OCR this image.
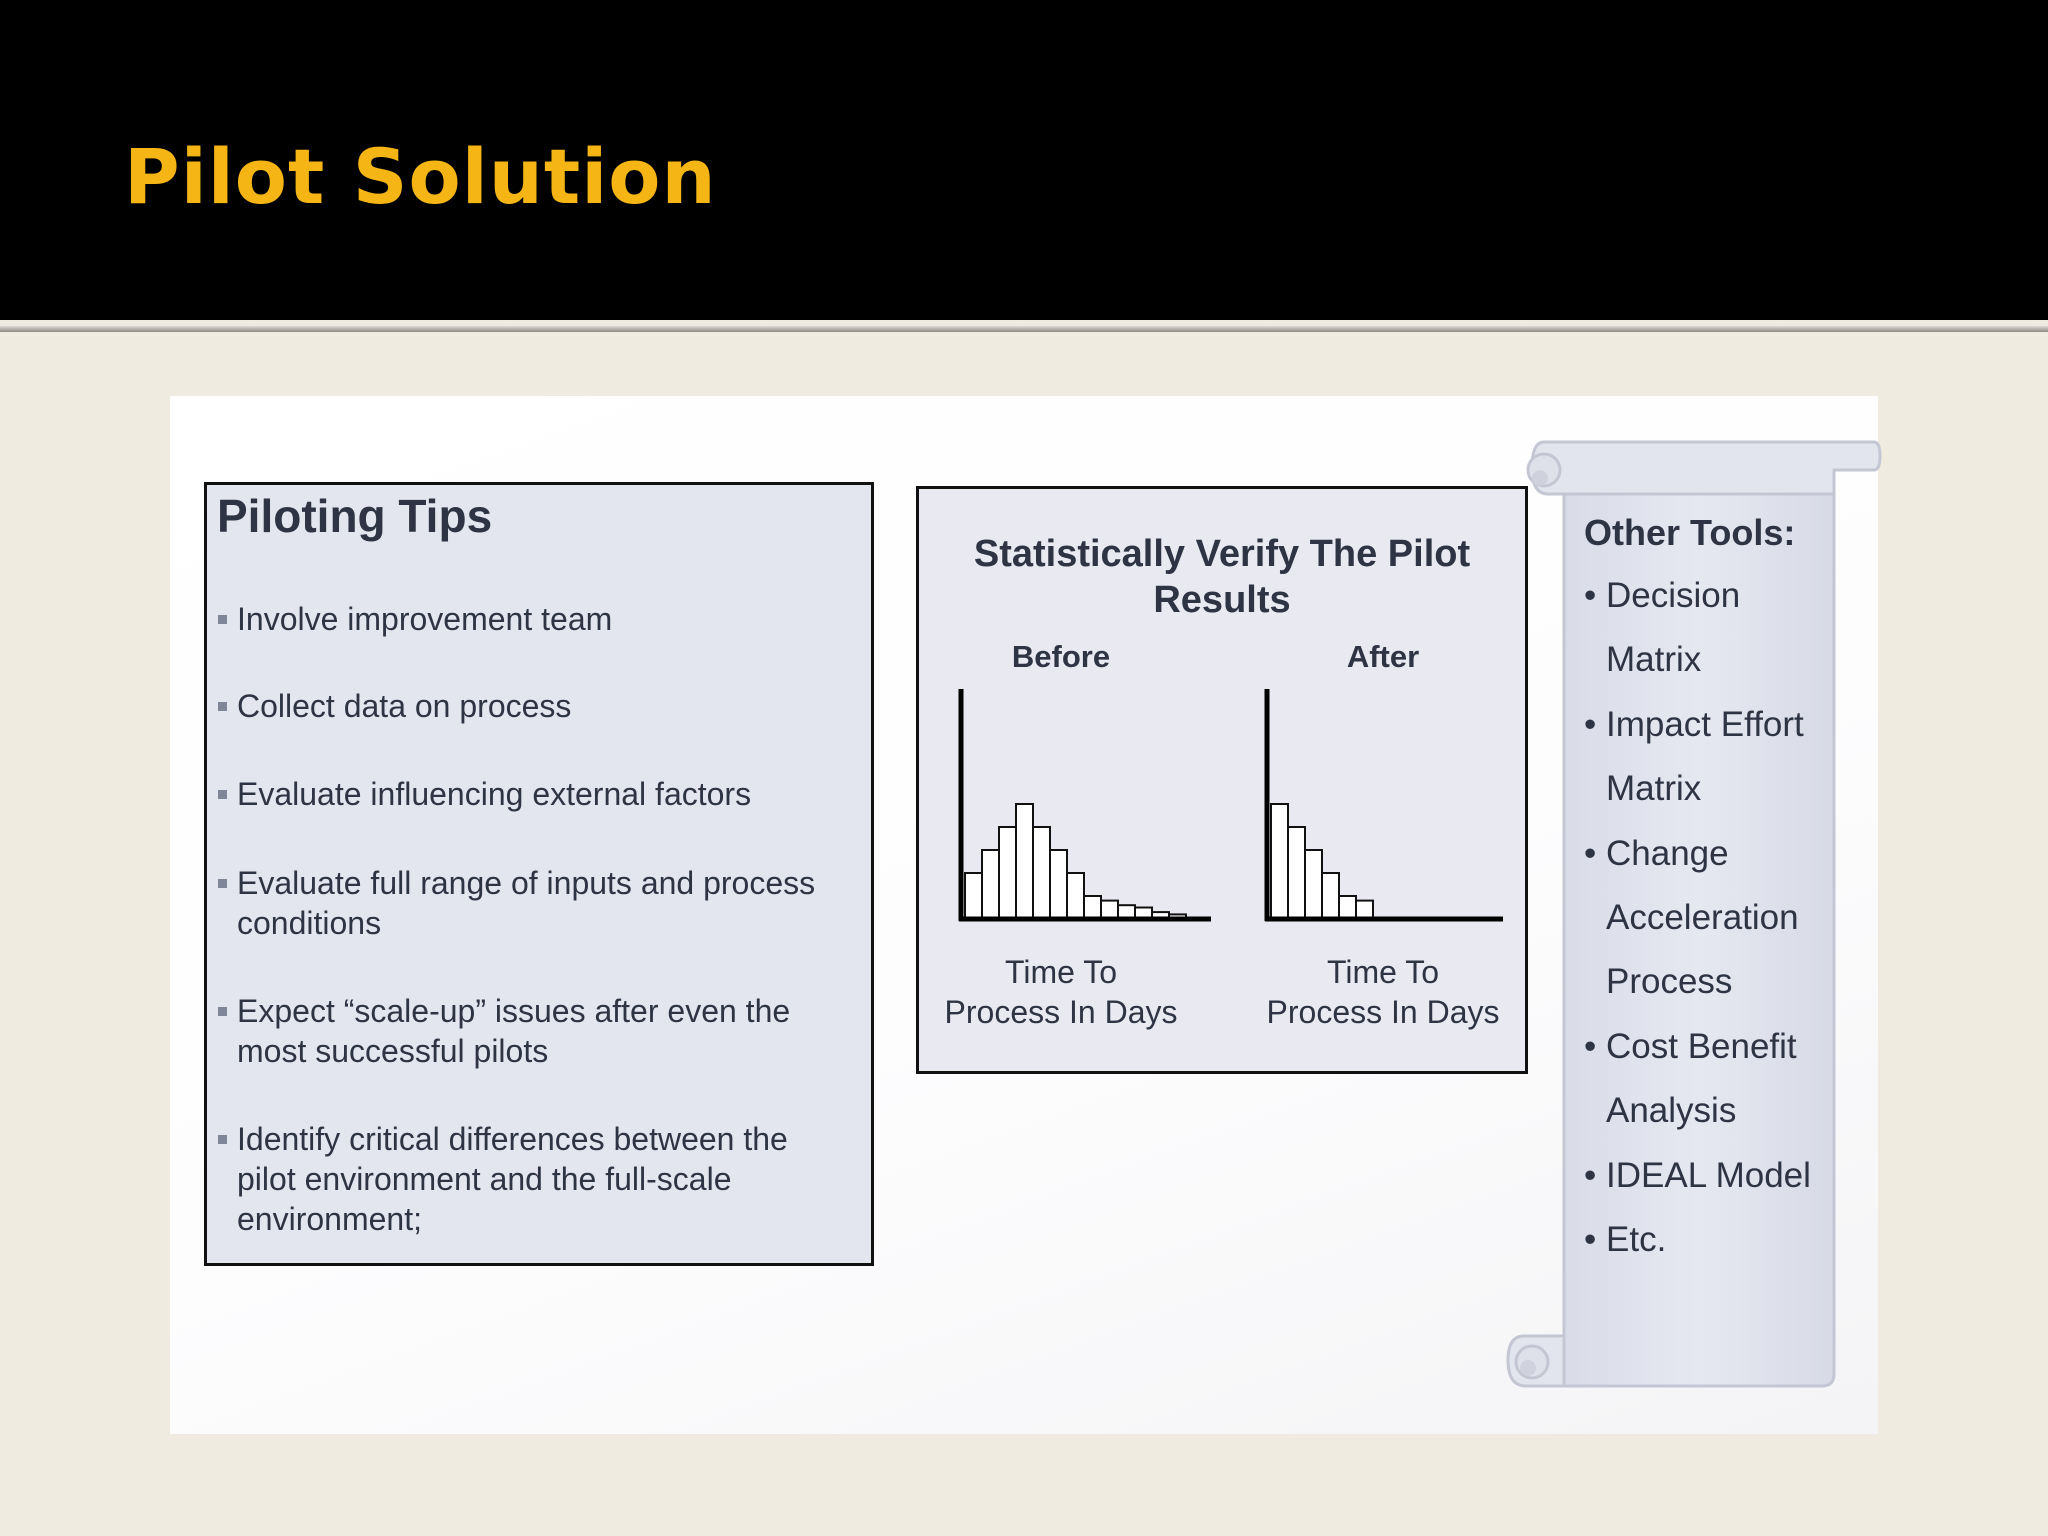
Pilot Solution
Piloting Tips
Involve improvement team
Collect data on process
Evaluate influencing external factors
Evaluate full range of inputs and process conditions
Expect “scale-up” issues after even the most successful pilots
Identify critical differences between the pilot environment and the full-scale environment;
Statistically Verify The Pilot Results
Before
Time To
Process In Days
After
Time To
Process In Days
Other Tools:
• Decision
Matrix
• Impact Effort
Matrix
• Change
Acceleration
Process
• Cost Benefit
Analysis
• IDEAL Model
• Etc.
